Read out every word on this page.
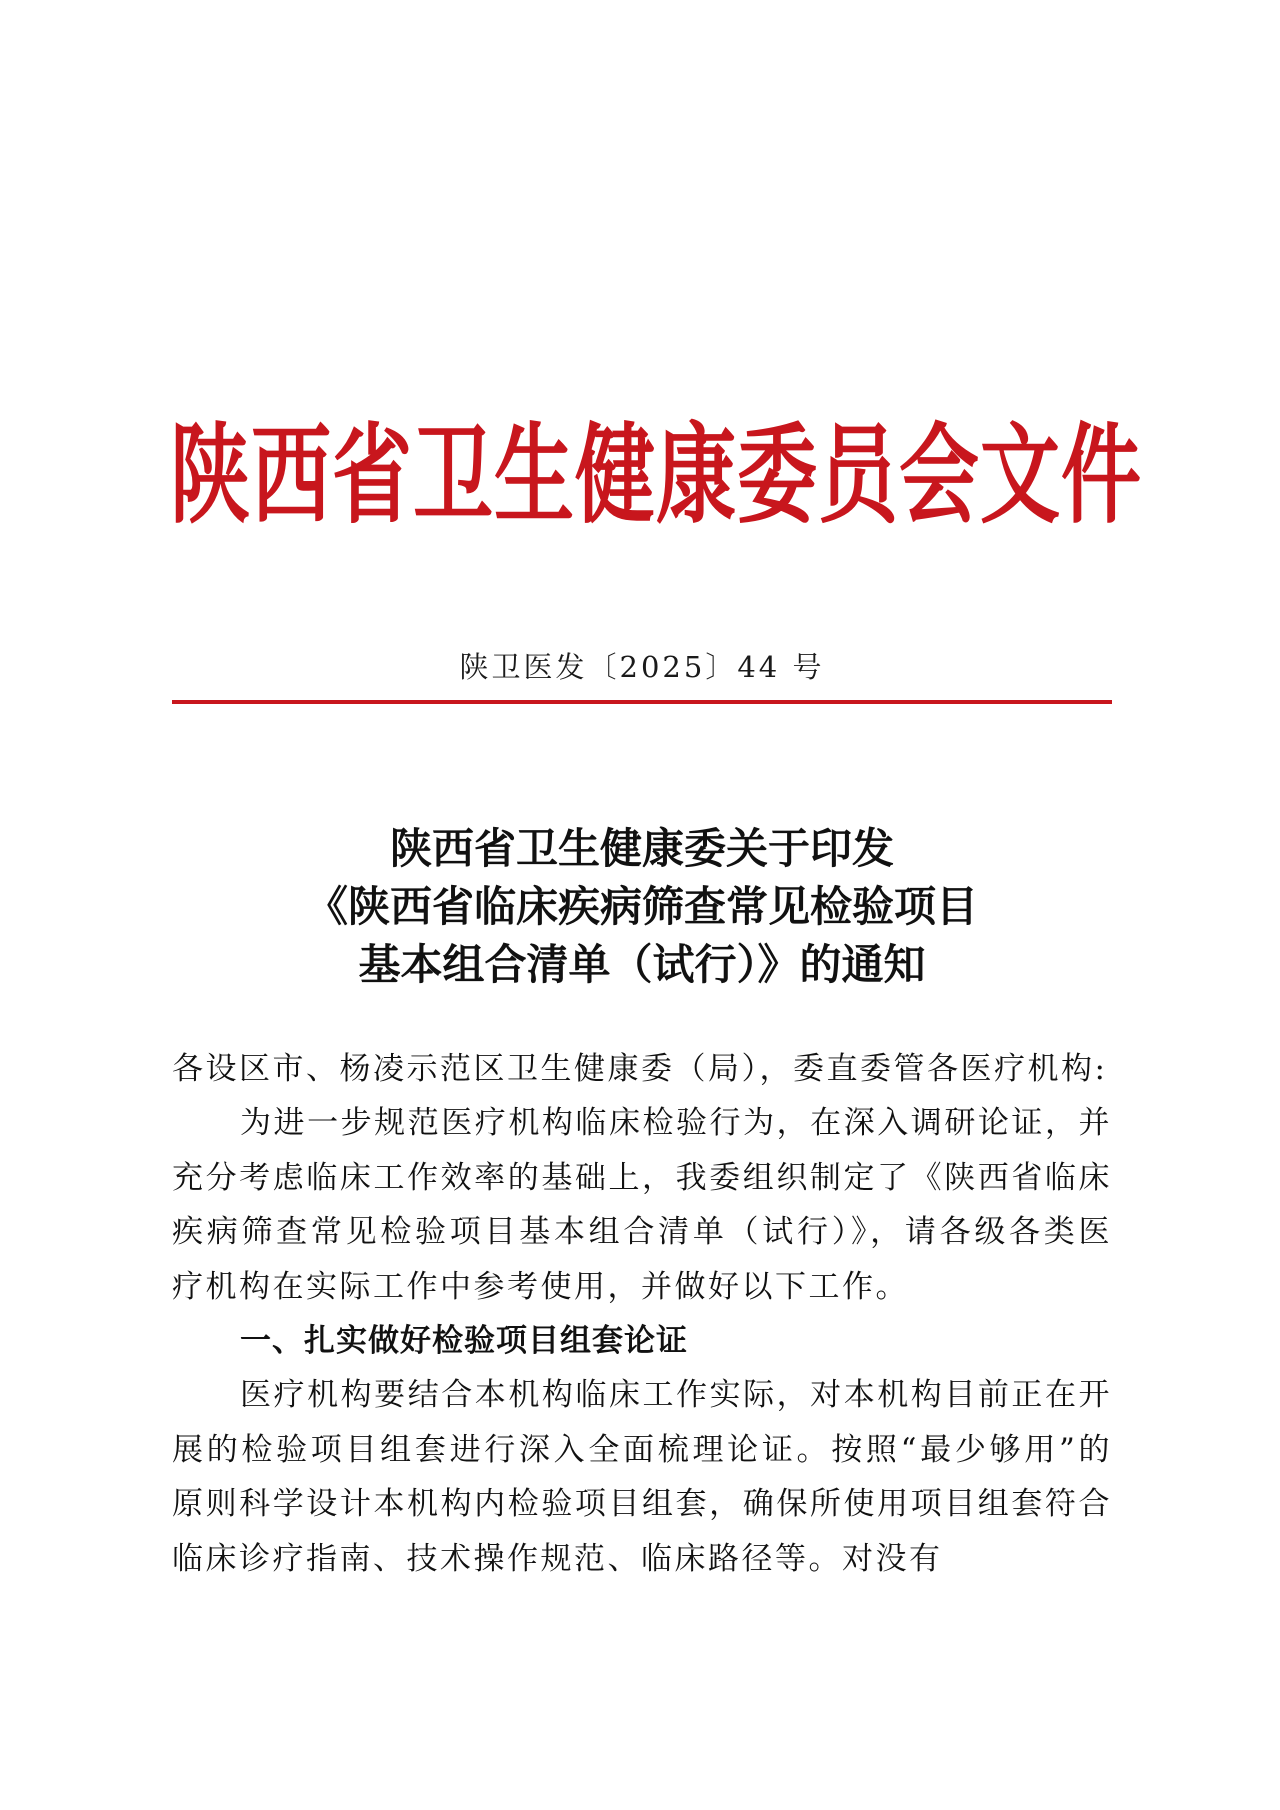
陕西省卫生健康委员会文件
陕卫医发〔2025〕44 号
陕西省卫生健康委关于印发
《陕西省临床疾病筛查常见检验项目
基本组合清单（试行）》的通知

各设区市、杨凌示范区卫生健康委（局），委直委管各医疗机构:

为进一步规范医疗机构临床检验行为，在深入调研论证，并充分考虑临床工作效率的基础上，我委组织制定了《陕西省临床疾病筛查常见检验项目基本组合清单（试行）》，请各级各类医疗机构在实际工作中参考使用，并做好以下工作。

一、扎实做好检验项目组套论证

医疗机构要结合本机构临床工作实际，对本机构目前正在开展的检验项目组套进行深入全面梳理论证。按照“最少够用”的原则科学设计本机构内检验项目组套，确保所使用项目组套符合临床诊疗指南、技术操作规范、临床路径等。对没有
